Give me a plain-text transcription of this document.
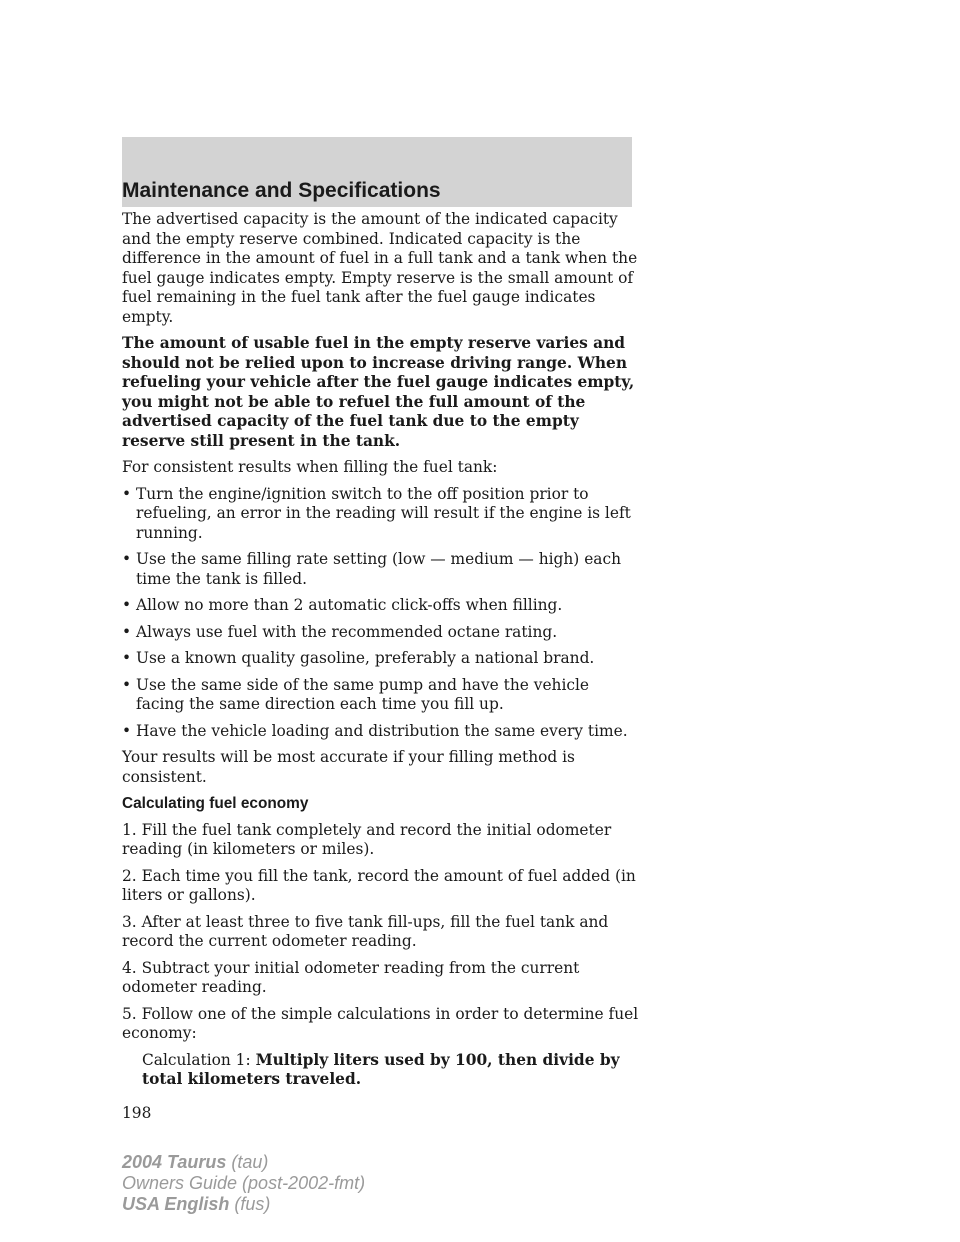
Maintenance and Specifications

The advertised capacity is the amount of the indicated capacity and the empty reserve combined. Indicated capacity is the difference in the amount of fuel in a full tank and a tank when the fuel gauge indicates empty. Empty reserve is the small amount of fuel remaining in the fuel tank after the fuel gauge indicates empty.

The amount of usable fuel in the empty reserve varies and should not be relied upon to increase driving range. When refueling your vehicle after the fuel gauge indicates empty, you might not be able to refuel the full amount of the advertised capacity of the fuel tank due to the empty reserve still present in the tank.

For consistent results when filling the fuel tank:

• Turn the engine/ignition switch to the off position prior to refueling, an error in the reading will result if the engine is left running.
• Use the same filling rate setting (low — medium — high) each time the tank is filled.
• Allow no more than 2 automatic click-offs when filling.
• Always use fuel with the recommended octane rating.
• Use a known quality gasoline, preferably a national brand.
• Use the same side of the same pump and have the vehicle facing the same direction each time you fill up.
• Have the vehicle loading and distribution the same every time.

Your results will be most accurate if your filling method is consistent.

Calculating fuel economy

1. Fill the fuel tank completely and record the initial odometer reading (in kilometers or miles).

2. Each time you fill the tank, record the amount of fuel added (in liters or gallons).

3. After at least three to five tank fill-ups, fill the fuel tank and record the current odometer reading.

4. Subtract your initial odometer reading from the current odometer reading.

5. Follow one of the simple calculations in order to determine fuel economy:

Calculation 1: Multiply liters used by 100, then divide by total kilometers traveled.

198
2004 Taurus (tau)
Owners Guide (post-2002-fmt)
USA English (fus)
